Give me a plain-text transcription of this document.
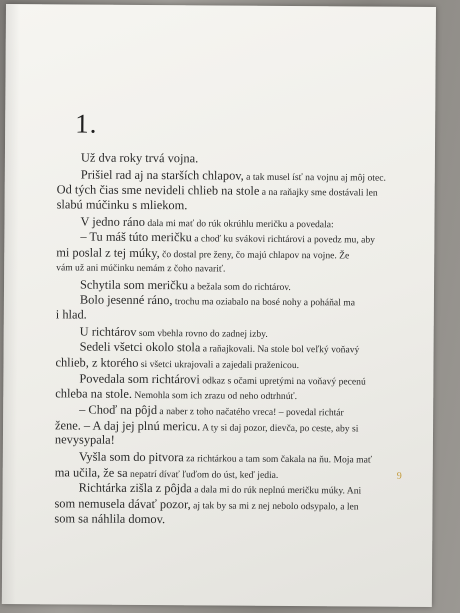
1.
Už dva roky trvá vojna.
Prišiel rad aj na starších chlapov, a tak musel ísť na vojnu aj môj otec.
Od tých čias sme nevideli chlieb na stole a na raňajky sme dostávali len
slabú múčinku s mliekom.
V jedno ráno dala mi mať do rúk okrúhlu meričku a povedala:
– Tu máš túto meričku a choď ku svákovi richtárovi a povedz mu, aby
mi poslal z tej múky, čo dostal pre ženy, čo majú chlapov na vojne. Že
vám už ani múčinku nemám z čoho navariť.
Schytila som meričku a bežala som do richtárov.
Bolo jesenné ráno, trochu ma oziabalo na bosé nohy a poháňal ma
i hlad.
U richtárov som vbehla rovno do zadnej izby.
Sedeli všetci okolo stola a raňajkovali. Na stole bol veľký voňavý
chlieb, z ktorého si všetci ukrajovali a zajedali praženicou.
Povedala som richtárovi odkaz s očami upretými na voňavý pecenú
chleba na stole. Nemohla som ich zrazu od neho odtrhnúť.
– Choď na pôjd a naber z toho načatého vreca! – povedal richtár
žene. – A daj jej plnú mericu. A ty si daj pozor, dievča, po ceste, aby si
nevysypala!
Vyšla som do pitvora za richtárkou a tam som čakala na ňu. Moja mať
ma učila, že sa nepatrí dívať ľuďom do úst, keď jedia.
Richtárka zišla z pôjda a dala mi do rúk neplnú meričku múky. Ani
som nemusela dávať pozor, aj tak by sa mi z nej nebolo odsypalo, a len
som sa náhlila domov.
9
